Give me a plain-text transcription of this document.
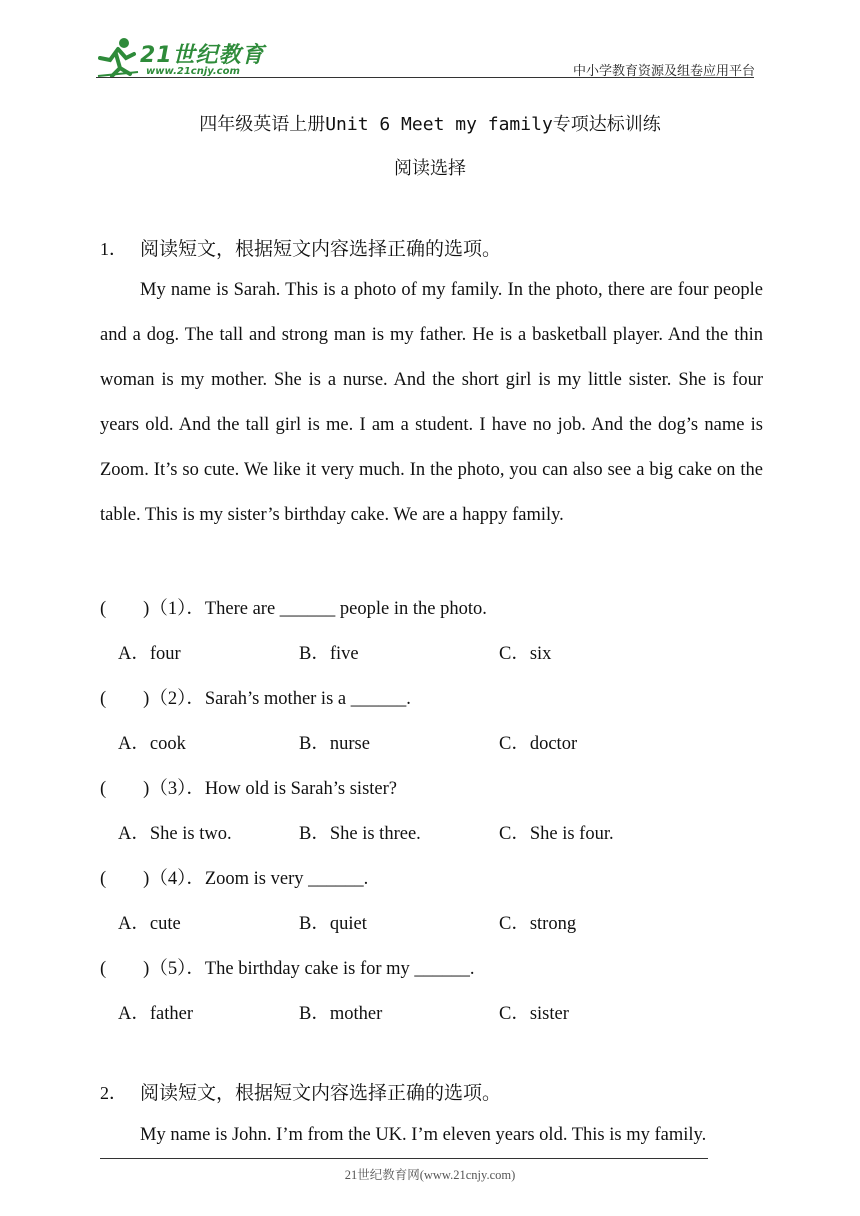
21世纪教育
www.21cnjy.com	中小学教育资源及组卷应用平台
四年级英语上册Unit 6 Meet my family专项达标训练
阅读选择
1． 阅读短文，根据短文内容选择正确的选项。
My name is Sarah. This is a photo of my family. In the photo, there are four people and a dog. The tall and strong man is my father. He is a basketball player. And the thin woman is my mother. She is a nurse. And the short girl is my little sister. She is four years old. And the tall girl is me. I am a student. I have no job. And the dog’s name is Zoom. It’s so cute. We like it very much. In the photo, you can also see a big cake on the table. This is my sister’s birthday cake. We are a happy family.
(　　)（1）．There are ______ people in the photo.
A．four	B．five	C．six
(　　)（2）．Sarah’s mother is a ______.
A．cook	B．nurse	C．doctor
(　　)（3）．How old is Sarah’s sister?
A．She is two.	B．She is three.	C．She is four.
(　　)（4）．Zoom is very ______.
A．cute	B．quiet	C．strong
(　　)（5）．The birthday cake is for my ______.
A．father	B．mother	C．sister
2． 阅读短文，根据短文内容选择正确的选项。
My name is John. I’m from the UK. I’m eleven years old. This is my family.
21世纪教育网(www.21cnjy.com)
